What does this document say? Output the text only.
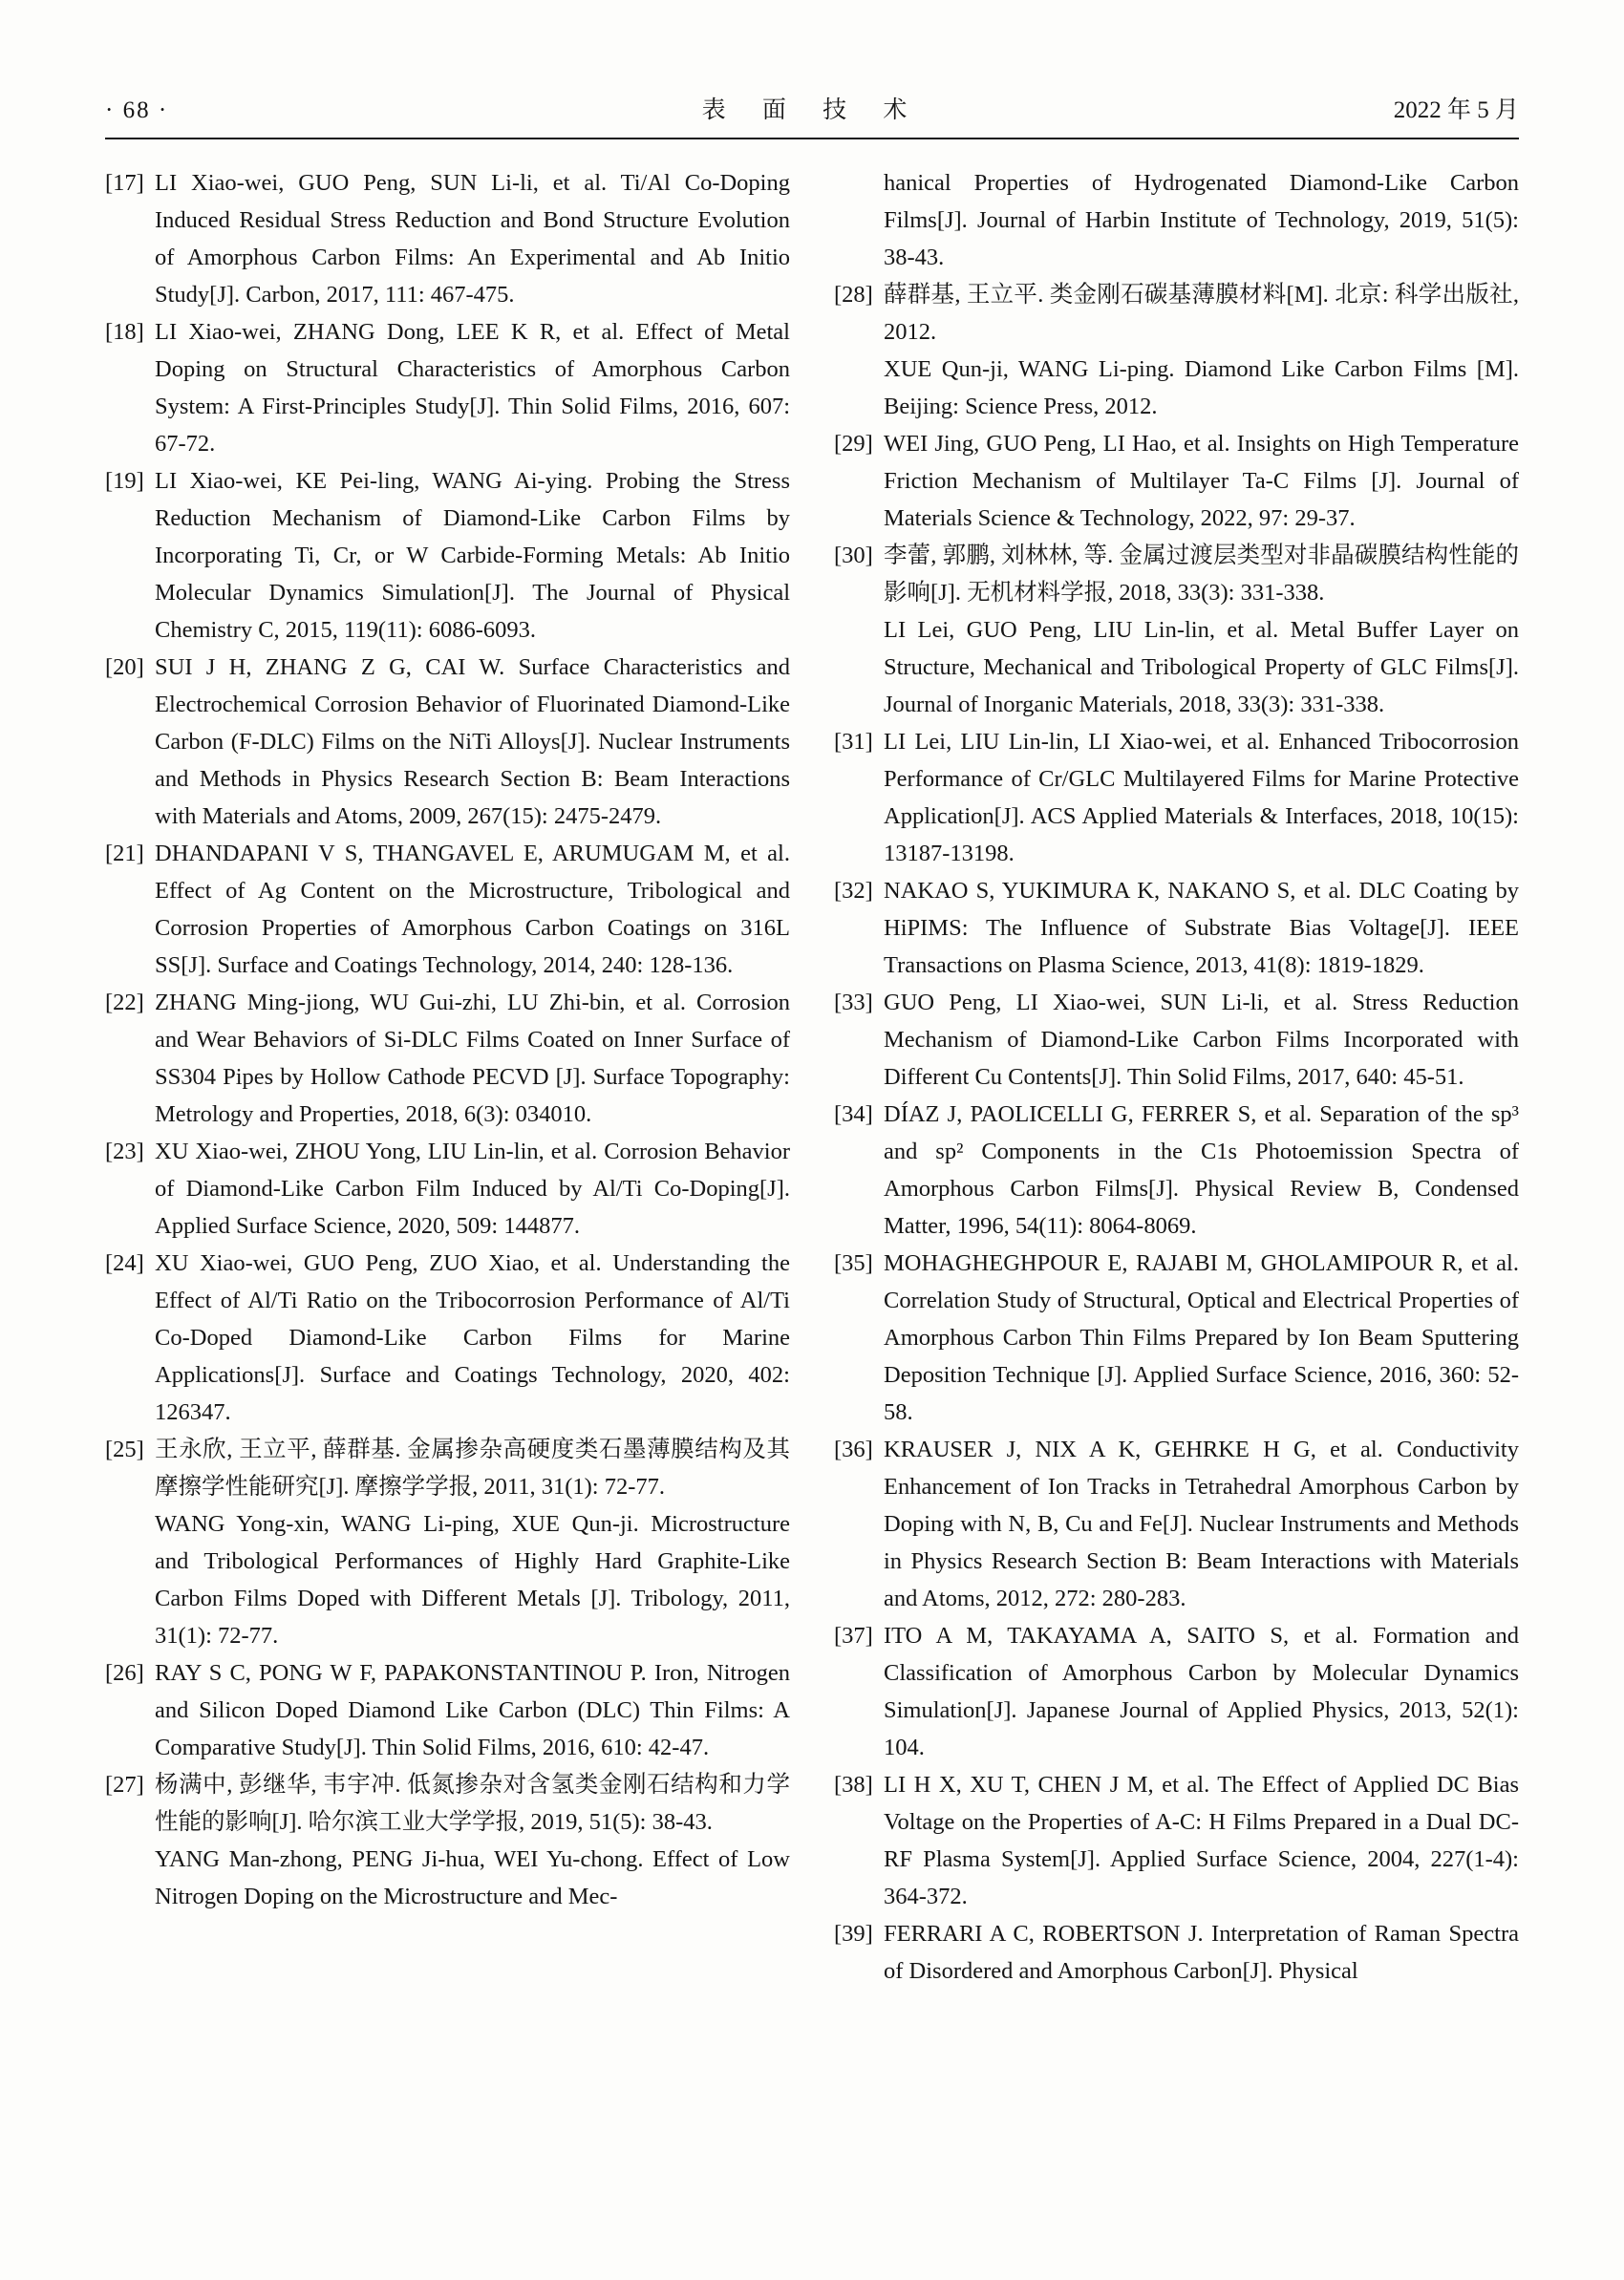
· 68 ·	表 面 技 术	2022 年 5 月
[17] LI Xiao-wei, GUO Peng, SUN Li-li, et al. Ti/Al Co-Doping Induced Residual Stress Reduction and Bond Structure Evolution of Amorphous Carbon Films: An Experimental and Ab Initio Study[J]. Carbon, 2017, 111: 467-475.

[18] LI Xiao-wei, ZHANG Dong, LEE K R, et al. Effect of Metal Doping on Structural Characteristics of Amorphous Carbon System: A First-Principles Study[J]. Thin Solid Films, 2016, 607: 67-72.

[19] LI Xiao-wei, KE Pei-ling, WANG Ai-ying. Probing the Stress Reduction Mechanism of Diamond-Like Carbon Films by Incorporating Ti, Cr, or W Carbide-Forming Metals: Ab Initio Molecular Dynamics Simulation[J]. The Journal of Physical Chemistry C, 2015, 119(11): 6086-6093.

[20] SUI J H, ZHANG Z G, CAI W. Surface Characteristics and Electrochemical Corrosion Behavior of Fluorinated Diamond-Like Carbon (F-DLC) Films on the NiTi Alloys[J]. Nuclear Instruments and Methods in Physics Research Section B: Beam Interactions with Materials and Atoms, 2009, 267(15): 2475-2479.

[21] DHANDAPANI V S, THANGAVEL E, ARUMUGAM M, et al. Effect of Ag Content on the Microstructure, Tribological and Corrosion Properties of Amorphous Carbon Coatings on 316L SS[J]. Surface and Coatings Technology, 2014, 240: 128-136.

[22] ZHANG Ming-jiong, WU Gui-zhi, LU Zhi-bin, et al. Corrosion and Wear Behaviors of Si-DLC Films Coated on Inner Surface of SS304 Pipes by Hollow Cathode PECVD [J]. Surface Topography: Metrology and Properties, 2018, 6(3): 034010.

[23] XU Xiao-wei, ZHOU Yong, LIU Lin-lin, et al. Corrosion Behavior of Diamond-Like Carbon Film Induced by Al/Ti Co-Doping[J]. Applied Surface Science, 2020, 509: 144877.

[24] XU Xiao-wei, GUO Peng, ZUO Xiao, et al. Understanding the Effect of Al/Ti Ratio on the Tribocorrosion Performance of Al/Ti Co-Doped Diamond-Like Carbon Films for Marine Applications[J]. Surface and Coatings Technology, 2020, 402: 126347.

[25] 王永欣, 王立平, 薛群基. 金属掺杂高硬度类石墨薄膜结构及其摩擦学性能研究[J]. 摩擦学学报, 2011, 31(1): 72-77.

WANG Yong-xin, WANG Li-ping, XUE Qun-ji. Microstructure and Tribological Performances of Highly Hard Graphite-Like Carbon Films Doped with Different Metals [J]. Tribology, 2011, 31(1): 72-77.

[26] RAY S C, PONG W F, PAPAKONSTANTINOU P. Iron, Nitrogen and Silicon Doped Diamond Like Carbon (DLC) Thin Films: A Comparative Study[J]. Thin Solid Films, 2016, 610: 42-47.

[27] 杨满中, 彭继华, 韦宇冲. 低氮掺杂对含氢类金刚石结构和力学性能的影响[J]. 哈尔滨工业大学学报, 2019, 51(5): 38-43.

YANG Man-zhong, PENG Ji-hua, WEI Yu-chong. Effect of Low Nitrogen Doping on the Microstructure and Mec-

hanical Properties of Hydrogenated Diamond-Like Carbon Films[J]. Journal of Harbin Institute of Technology, 2019, 51(5): 38-43.

[28] 薛群基, 王立平. 类金刚石碳基薄膜材料[M]. 北京: 科学出版社, 2012.

XUE Qun-ji, WANG Li-ping. Diamond Like Carbon Films [M]. Beijing: Science Press, 2012.

[29] WEI Jing, GUO Peng, LI Hao, et al. Insights on High Temperature Friction Mechanism of Multilayer Ta-C Films [J]. Journal of Materials Science & Technology, 2022, 97: 29-37.

[30] 李蕾, 郭鹏, 刘林林, 等. 金属过渡层类型对非晶碳膜结构性能的影响[J]. 无机材料学报, 2018, 33(3): 331-338.

LI Lei, GUO Peng, LIU Lin-lin, et al. Metal Buffer Layer on Structure, Mechanical and Tribological Property of GLC Films[J]. Journal of Inorganic Materials, 2018, 33(3): 331-338.

[31] LI Lei, LIU Lin-lin, LI Xiao-wei, et al. Enhanced Tribocorrosion Performance of Cr/GLC Multilayered Films for Marine Protective Application[J]. ACS Applied Materials & Interfaces, 2018, 10(15): 13187-13198.

[32] NAKAO S, YUKIMURA K, NAKANO S, et al. DLC Coating by HiPIMS: The Influence of Substrate Bias Voltage[J]. IEEE Transactions on Plasma Science, 2013, 41(8): 1819-1829.

[33] GUO Peng, LI Xiao-wei, SUN Li-li, et al. Stress Reduction Mechanism of Diamond-Like Carbon Films Incorporated with Different Cu Contents[J]. Thin Solid Films, 2017, 640: 45-51.

[34] DÍAZ J, PAOLICELLI G, FERRER S, et al. Separation of the sp³ and sp² Components in the C1s Photoemission Spectra of Amorphous Carbon Films[J]. Physical Review B, Condensed Matter, 1996, 54(11): 8064-8069.

[35] MOHAGHEGHPOUR E, RAJABI M, GHOLAMIPOUR R, et al. Correlation Study of Structural, Optical and Electrical Properties of Amorphous Carbon Thin Films Prepared by Ion Beam Sputtering Deposition Technique [J]. Applied Surface Science, 2016, 360: 52-58.

[36] KRAUSER J, NIX A K, GEHRKE H G, et al. Conductivity Enhancement of Ion Tracks in Tetrahedral Amorphous Carbon by Doping with N, B, Cu and Fe[J]. Nuclear Instruments and Methods in Physics Research Section B: Beam Interactions with Materials and Atoms, 2012, 272: 280-283.

[37] ITO A M, TAKAYAMA A, SAITO S, et al. Formation and Classification of Amorphous Carbon by Molecular Dynamics Simulation[J]. Japanese Journal of Applied Physics, 2013, 52(1): 104.

[38] LI H X, XU T, CHEN J M, et al. The Effect of Applied DC Bias Voltage on the Properties of A-C: H Films Prepared in a Dual DC-RF Plasma System[J]. Applied Surface Science, 2004, 227(1-4): 364-372.

[39] FERRARI A C, ROBERTSON J. Interpretation of Raman Spectra of Disordered and Amorphous Carbon[J]. Physical
